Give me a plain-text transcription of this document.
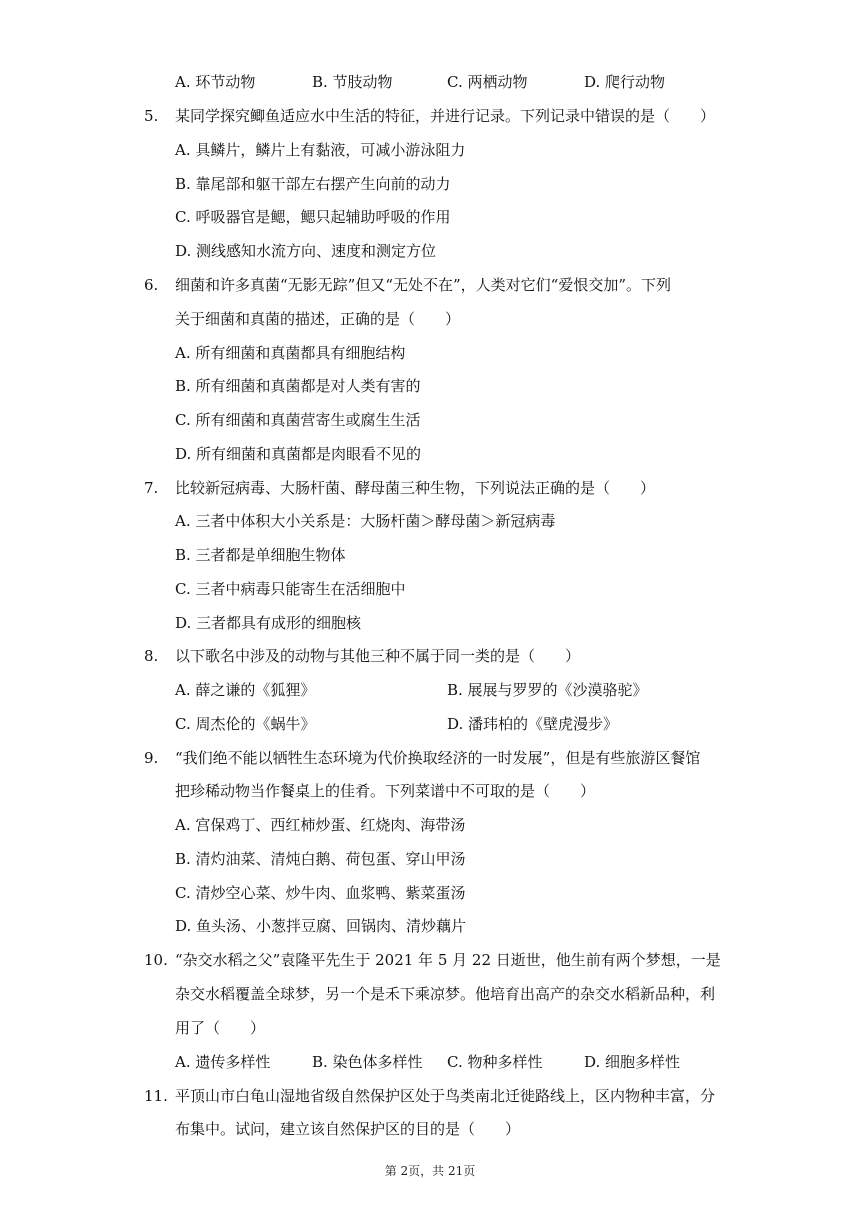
A. 环节动物	B. 节肢动物	C. 两栖动物	D. 爬行动物
5. 某同学探究鲫鱼适应水中生活的特征，并进行记录。下列记录中错误的是（　　）
A. 具鳞片，鳞片上有黏液，可减小游泳阻力
B. 靠尾部和躯干部左右摆产生向前的动力
C. 呼吸器官是鳃，鳃只起辅助呼吸的作用
D. 测线感知水流方向、速度和测定方位
6. 细菌和许多真菌“无影无踪”但又“无处不在”，人类对它们“爱恨交加”。下列
关于细菌和真菌的描述，正确的是（　　）
A. 所有细菌和真菌都具有细胞结构
B. 所有细菌和真菌都是对人类有害的
C. 所有细菌和真菌营寄生或腐生生活
D. 所有细菌和真菌都是肉眼看不见的
7. 比较新冠病毒、大肠杆菌、酵母菌三种生物，下列说法正确的是（　　）
A. 三者中体积大小关系是：大肠杆菌＞酵母菌＞新冠病毒
B. 三者都是单细胞生物体
C. 三者中病毒只能寄生在活细胞中
D. 三者都具有成形的细胞核
8. 以下歌名中涉及的动物与其他三种不属于同一类的是（　　）
A. 薛之谦的《狐狸》	B. 展展与罗罗的《沙漠骆驼》
C. 周杰伦的《蜗牛》	D. 潘玮柏的《壁虎漫步》
9. “我们绝不能以牺牲生态环境为代价换取经济的一时发展”，但是有些旅游区餐馆
把珍稀动物当作餐桌上的佳肴。下列菜谱中不可取的是（　　）
A. 宫保鸡丁、西红柿炒蛋、红烧肉、海带汤
B. 清灼油菜、清炖白鹅、荷包蛋、穿山甲汤
C. 清炒空心菜、炒牛肉、血浆鸭、紫菜蛋汤
D. 鱼头汤、小葱拌豆腐、回锅肉、清炒藕片
10. “杂交水稻之父”袁隆平先生于 2021 年 5 月 22 日逝世，他生前有两个梦想，一是
杂交水稻覆盖全球梦，另一个是禾下乘凉梦。他培育出高产的杂交水稻新品种，利
用了（　　）
A. 遗传多样性	B. 染色体多样性 C. 物种多样性	D. 细胞多样性
11. 平顶山市白龟山湿地省级自然保护区处于鸟类南北迁徙路线上，区内物种丰富，分
布集中。试问，建立该自然保护区的目的是（　　）
第 2页，共 21页
